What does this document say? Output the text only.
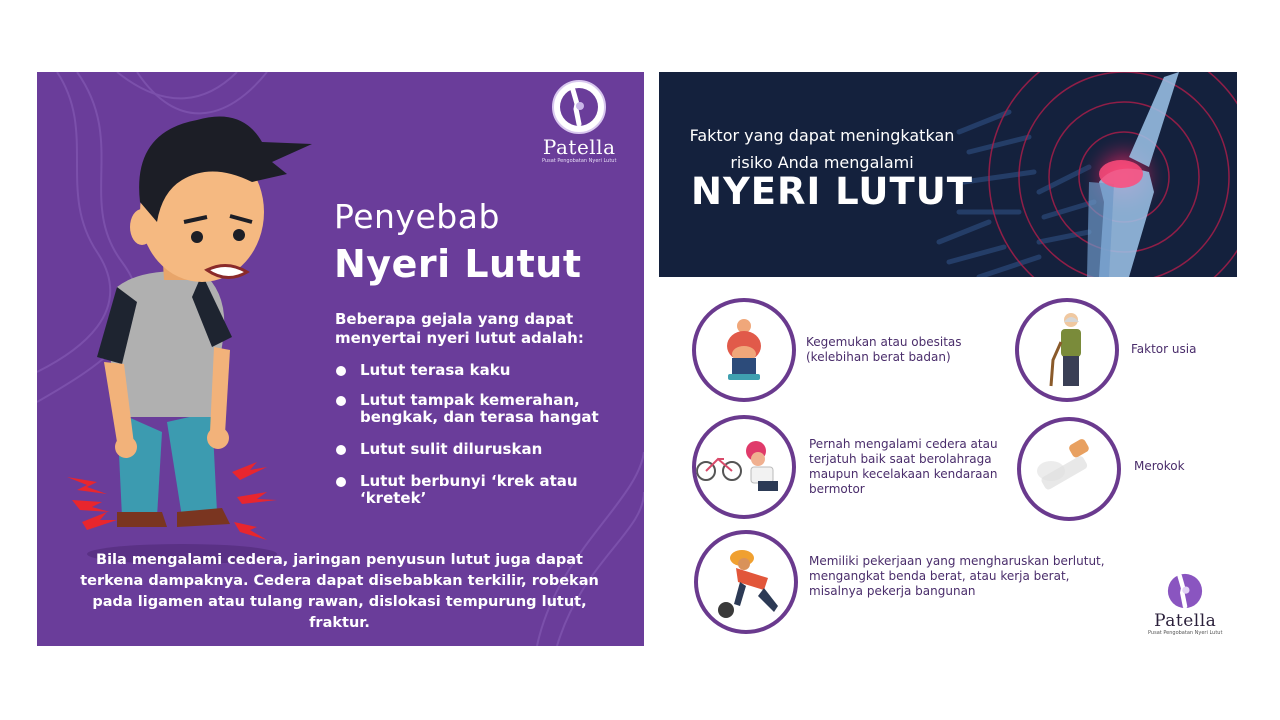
Patella
Pusat Pengobatan Nyeri Lutut
Penyebab
Nyeri Lutut
Beberapa gejala yang dapat menyertai nyeri lutut adalah:
Lutut terasa kaku
Lutut tampak kemerahan, bengkak, dan terasa hangat
Lutut sulit diluruskan
Lutut berbunyi ‘krek atau ‘kretek’
Bila mengalami cedera, jaringan penyusun lutut juga dapat terkena dampaknya. Cedera dapat disebabkan terkilir, robekan pada ligamen atau tulang rawan, dislokasi tempurung lutut, fraktur.
Faktor yang dapat meningkatkan risiko Anda mengalami
NYERI LUTUT
Kegemukan atau obesitas (kelebihan berat badan)
Faktor usia
Pernah mengalami cedera atau terjatuh baik saat berolahraga maupun kecelakaan kendaraan bermotor
Merokok
Memiliki pekerjaan yang mengharuskan berlutut, mengangkat benda berat, atau kerja berat, misalnya pekerja bangunan
Patella
Pusat Pengobatan Nyeri Lutut
